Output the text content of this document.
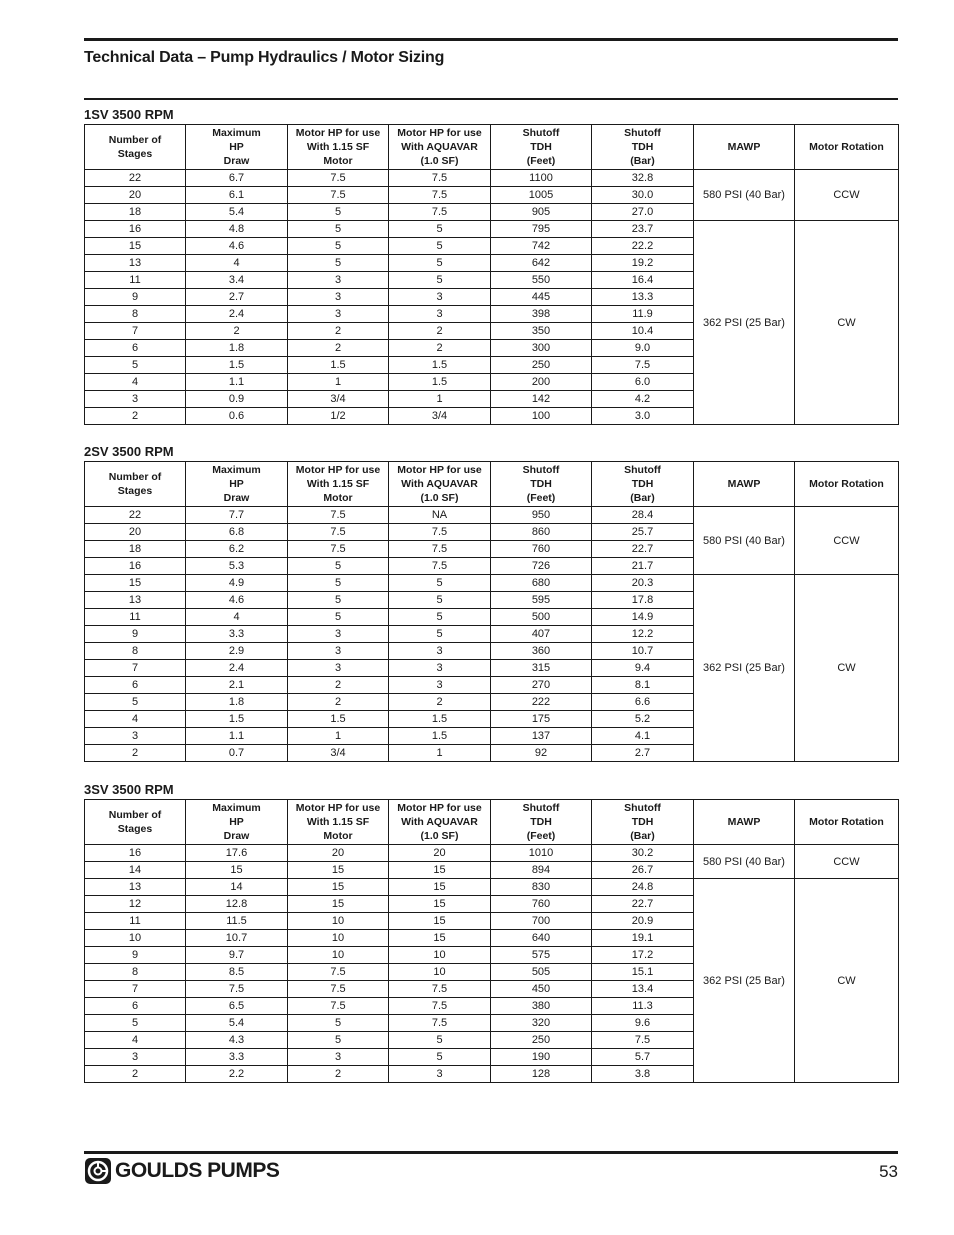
Technical Data – Pump Hydraulics / Motor Sizing
1SV 3500 RPM
Number of
Stages	Maximum
HP
Draw	Motor HP for use
With 1.15 SF
Motor	Motor HP for use
With AQUAVAR
(1.0 SF)	Shutoff
TDH
(Feet)	Shutoff
TDH
(Bar)	MAWP	Motor Rotation
22	6.7	7.5	7.5	1100	32.8	580 PSI (40 Bar)	CCW
20	6.1	7.5	7.5	1005	30.0		
18	5.4	5	7.5	905	27.0		
16	4.8	5	5	795	23.7	362 PSI (25 Bar)	CW
15	4.6	5	5	742	22.2		
13	4	5	5	642	19.2		
11	3.4	3	5	550	16.4		
9	2.7	3	3	445	13.3		
8	2.4	3	3	398	11.9		
7	2	2	2	350	10.4		
6	1.8	2	2	300	9.0		
5	1.5	1.5	1.5	250	7.5		
4	1.1	1	1.5	200	6.0		
3	0.9	3/4	1	142	4.2		
2	0.6	1/2	3/4	100	3.0		
2SV 3500 RPM
Number of
Stages	Maximum
HP
Draw	Motor HP for use
With 1.15 SF
Motor	Motor HP for use
With AQUAVAR
(1.0 SF)	Shutoff
TDH
(Feet)	Shutoff
TDH
(Bar)	MAWP	Motor Rotation
22	7.7	7.5	NA	950	28.4	580 PSI (40 Bar)	CCW
20	6.8	7.5	7.5	860	25.7		
18	6.2	7.5	7.5	760	22.7		
16	5.3	5	7.5	726	21.7		
15	4.9	5	5	680	20.3	362 PSI (25 Bar)	CW
13	4.6	5	5	595	17.8		
11	4	5	5	500	14.9		
9	3.3	3	5	407	12.2		
8	2.9	3	3	360	10.7		
7	2.4	3	3	315	9.4		
6	2.1	2	3	270	8.1		
5	1.8	2	2	222	6.6		
4	1.5	1.5	1.5	175	5.2		
3	1.1	1	1.5	137	4.1		
2	0.7	3/4	1	92	2.7		
3SV 3500 RPM
Number of
Stages	Maximum
HP
Draw	Motor HP for use
With 1.15 SF
Motor	Motor HP for use
With AQUAVAR
(1.0 SF)	Shutoff
TDH
(Feet)	Shutoff
TDH
(Bar)	MAWP	Motor Rotation
16	17.6	20	20	1010	30.2	580 PSI (40 Bar)	CCW
14	15	15	15	894	26.7		
13	14	15	15	830	24.8	362 PSI (25 Bar)	CW
12	12.8	15	15	760	22.7		
11	11.5	10	15	700	20.9		
10	10.7	10	15	640	19.1		
9	9.7	10	10	575	17.2		
8	8.5	7.5	10	505	15.1		
7	7.5	7.5	7.5	450	13.4		
6	6.5	7.5	7.5	380	11.3		
5	5.4	5	7.5	320	9.6		
4	4.3	5	5	250	7.5		
3	3.3	3	5	190	5.7		
2	2.2	2	3	128	3.8		
GOULDS PUMPS	53
